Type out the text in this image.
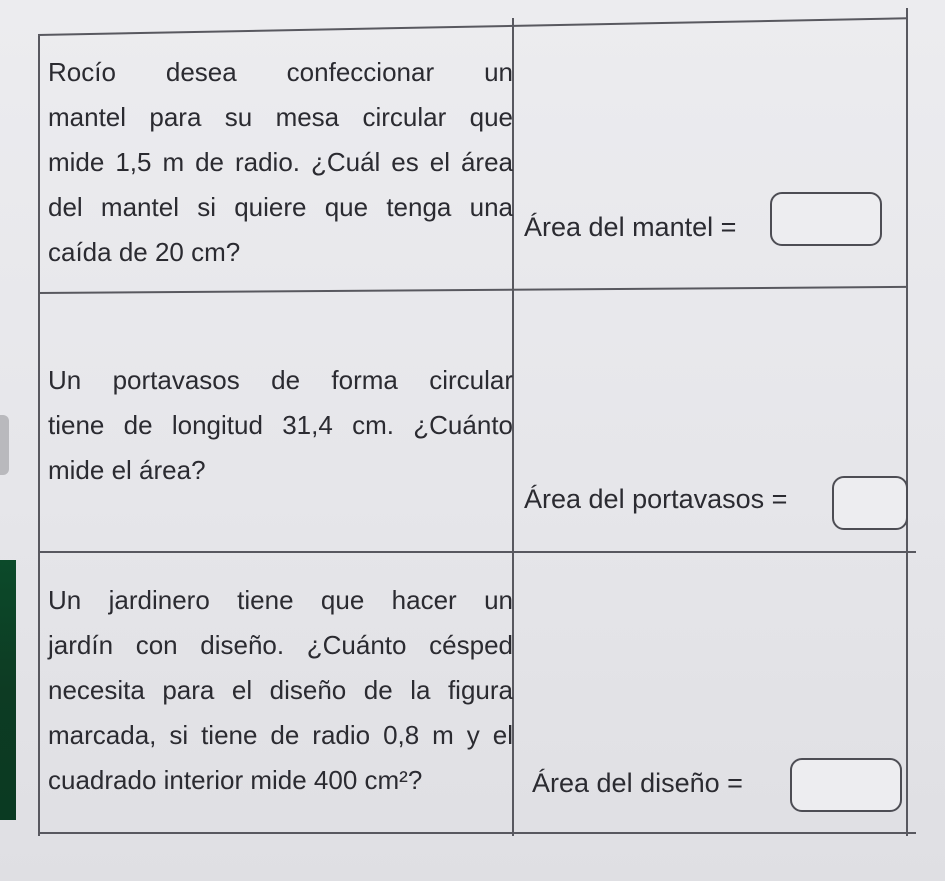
Rocío desea confeccionar un
mantel para su mesa circular que
mide 1,5 m de radio. ¿Cuál es el área
del mantel si quiere que tenga una
caída de 20 cm?
Área del mantel =
Un portavasos de forma circular
tiene de longitud 31,4 cm. ¿Cuánto
mide el área?
Área del portavasos =
Un jardinero tiene que hacer un
jardín con diseño. ¿Cuánto césped
necesita para el diseño de la figura
marcada, si tiene de radio 0,8 m y el
cuadrado interior mide 400 cm²?	Área del diseño =
